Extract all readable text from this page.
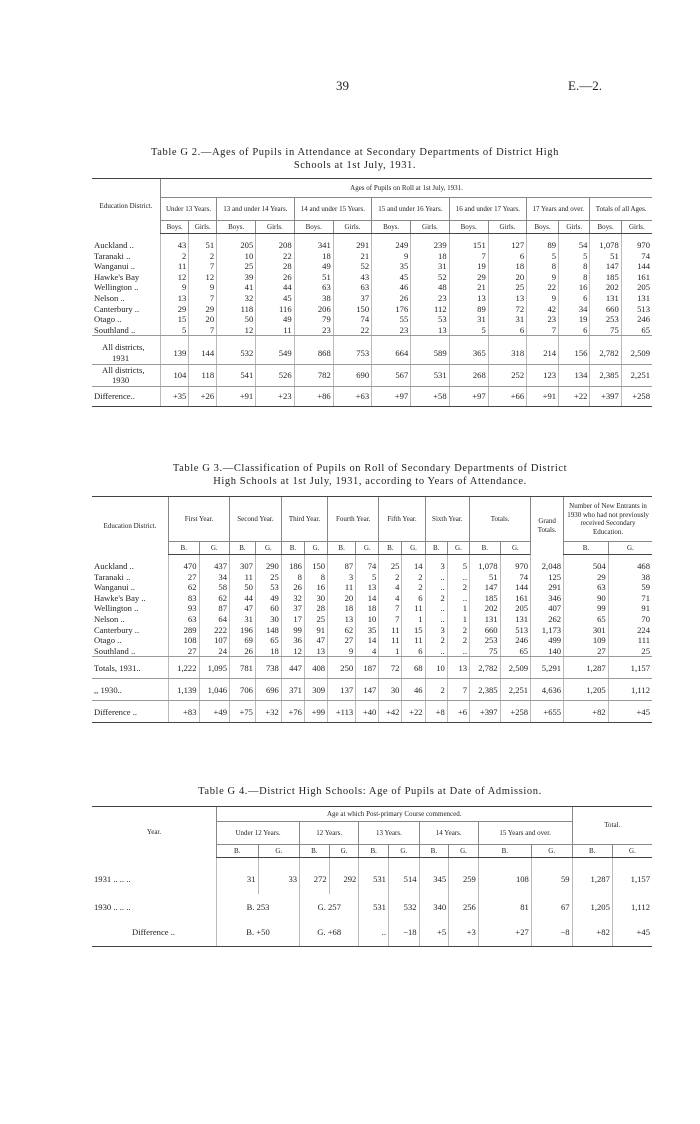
39	E.—2.
Table G 2.—Ages of Pupils in Attendance at Secondary Departments of District High
Schools at 1st July, 1931.
Education District.	Ages of Pupils on Roll at 1st July, 1931.													
	Under 13 Years.		13 and under 14 Years.		14 and under 15 Years.		15 and under 16 Years.		16 and under 17 Years.		17 Years and over.		Totals of all Ages.	
	Boys.	Girls.	Boys.	Girls.	Boys.	Girls.	Boys.	Girls.	Boys.	Girls.	Boys.	Girls.	Boys.	Girls.

Auckland ..	43	51	205	208	341	291	249	239	151	127	89	54	1,078	970
Taranaki ..	2	2	10	22	18	21	9	18	7	6	5	5	51	74
Wanganui ..	11	7	25	28	49	52	35	31	19	18	8	8	147	144
Hawke's Bay	12	12	39	26	51	43	45	52	29	20	9	8	185	161
Wellington ..	9	9	41	44	63	63	46	48	21	25	22	16	202	205
Nelson ..	13	7	32	45	38	37	26	23	13	13	9	6	131	131
Canterbury ..	29	29	118	116	206	150	176	112	89	72	42	34	660	513
Otago ..	15	20	50	49	79	74	55	53	31	31	23	19	253	246
Southland ..	5	7	12	11	23	22	23	13	5	6	7	6	75	65

All districts,
1931	139	144	532	549	868	753	664	589	365	318	214	156	2,782	2,509

All districts,
1930	104	118	541	526	782	690	567	531	268	252	123	134	2,385	2,251
Difference..	+35	+26	+91	+23	+86	+63	+97	+58	+97	+66	+91	+22	+397	+258
Table G 3.—Classification of Pupils on Roll of Secondary Departments of District
High Schools at 1st July, 1931, according to Years of Attendance.
Education District.	First Year.		Second Year.		Third Year.		Fourth Year.		Fifth Year.		Sixth Year.		Totals.		Grand Totals.	Number of New Entrants in 1930 who had not previously received Secondary Education.	
	B.	G.	B.	G.	B.	G.	B.	G.	B.	G.	B.	G.	B.	G.		B.	G.

Auckland ..	470	437	307	290	186	150	87	74	25	14	3	5	1,078	970	2,048	504	468
Taranaki ..	27	34	11	25	8	8	3	5	2	2	..	..	51	74	125	29	38
Wanganui ..	62	58	50	53	26	16	11	13	4	2	..	2	147	144	291	63	59
Hawke's Bay ..	83	62	44	49	32	30	20	14	4	6	2	..	185	161	346	90	71
Wellington ..	93	87	47	60	37	28	18	18	7	11	..	1	202	205	407	99	91
Nelson ..	63	64	31	30	17	25	13	10	7	1	..	1	131	131	262	65	70
Canterbury ..	289	222	196	148	99	91	62	35	11	15	3	2	660	513	1,173	301	224
Otago ..	108	107	69	65	36	47	27	14	11	11	2	2	253	246	499	109	111
Southland ..	27	24	26	18	12	13	9	4	1	6	..	..	75	65	140	27	25
Totals, 1931..	1,222	1,095	781	738	447	408	250	187	72	68	10	13	2,782	2,509	5,291	1,287	1,157
,, 1930..	1,139	1,046	706	696	371	309	137	147	30	46	2	7	2,385	2,251	4,636	1,205	1,112
Difference ..	+83	+49	+75	+32	+76	+99	+113	+40	+42	+22	+8	+6	+397	+258	+655	+82	+45
Table G 4.—District High Schools: Age of Pupils at Date of Admission.
Year.	Age at which Post-primary Course commenced.										Total.	
	Under 12 Years.		12 Years.		13 Years.		14 Years.		15 Years and over.			
	B.	G.	B.	G.	B.	G.	B.	G.	B.	G.	B.	G.

1931 .. .. ..	31	33	272	292	531	514	345	259	108	59	1,287	1,157
1930 .. .. ..	B. 253		G. 257		531	532	340	256	81	67	1,205	1,112
Difference ..	B. +50		G. +68		..	−18	+5	+3	+27	−8	+82	+45
